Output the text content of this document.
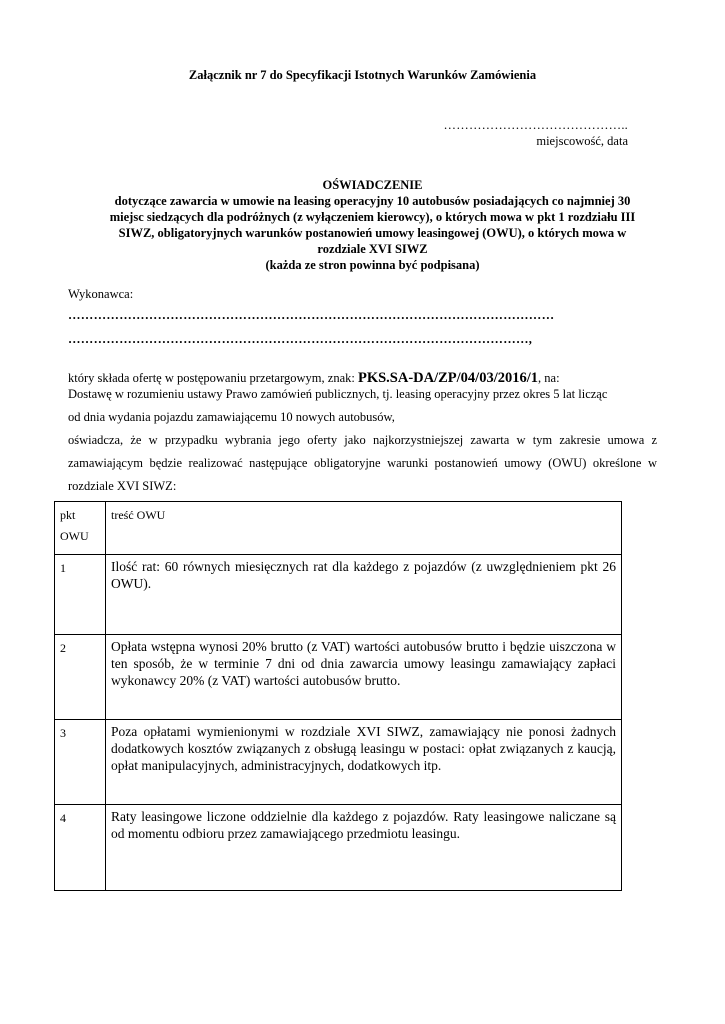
Załącznik nr 7 do Specyfikacji Istotnych Warunków Zamówienia
……………………………………..
miejscowość, data
OŚWIADCZENIE
dotyczące zawarcia w umowie na leasing operacyjny 10 autobusów posiadających co najmniej 30
miejsc siedzących dla podróżnych (z wyłączeniem kierowcy), o których mowa w pkt 1 rozdziału III
SIWZ, obligatoryjnych warunków postanowień umowy leasingowej (OWU), o których mowa w
rozdziale XVI SIWZ
(każda ze stron powinna być podpisana)
Wykonawca:
……………………………………………………………………………………………………
………………………………………………………………………………………………,
który składa ofertę w postępowaniu przetargowym, znak: PKS.SA-DA/ZP/04/03/2016/1, na:
Dostawę w rozumieniu ustawy Prawo zamówień publicznych, tj. leasing operacyjny przez okres 5 lat licząc
od dnia wydania pojazdu zamawiającemu 10 nowych autobusów,
oświadcza, że w przypadku wybrania jego oferty jako najkorzystniejszej zawarta w tym zakresie umowa z zamawiającym będzie realizować następujące obligatoryjne warunki postanowień umowy (OWU) określone w rozdziale XVI SIWZ:
pkt
OWU	treść OWU

1	Ilość rat: 60 równych miesięcznych rat dla każdego z pojazdów (z uwzględnieniem pkt 26 OWU).
2	Opłata wstępna wynosi 20% brutto (z VAT) wartości autobusów brutto i będzie uiszczona w ten sposób, że w terminie 7 dni od dnia zawarcia umowy leasingu zamawiający zapłaci wykonawcy 20% (z VAT) wartości autobusów brutto.
3	Poza opłatami wymienionymi w rozdziale XVI SIWZ, zamawiający nie ponosi żadnych dodatkowych kosztów związanych z obsługą leasingu w postaci: opłat związanych z kaucją, opłat manipulacyjnych, administracyjnych, dodatkowych itp.
4	Raty leasingowe liczone oddzielnie dla każdego z pojazdów. Raty leasingowe naliczane są od momentu odbioru przez zamawiającego przedmiotu leasingu.
